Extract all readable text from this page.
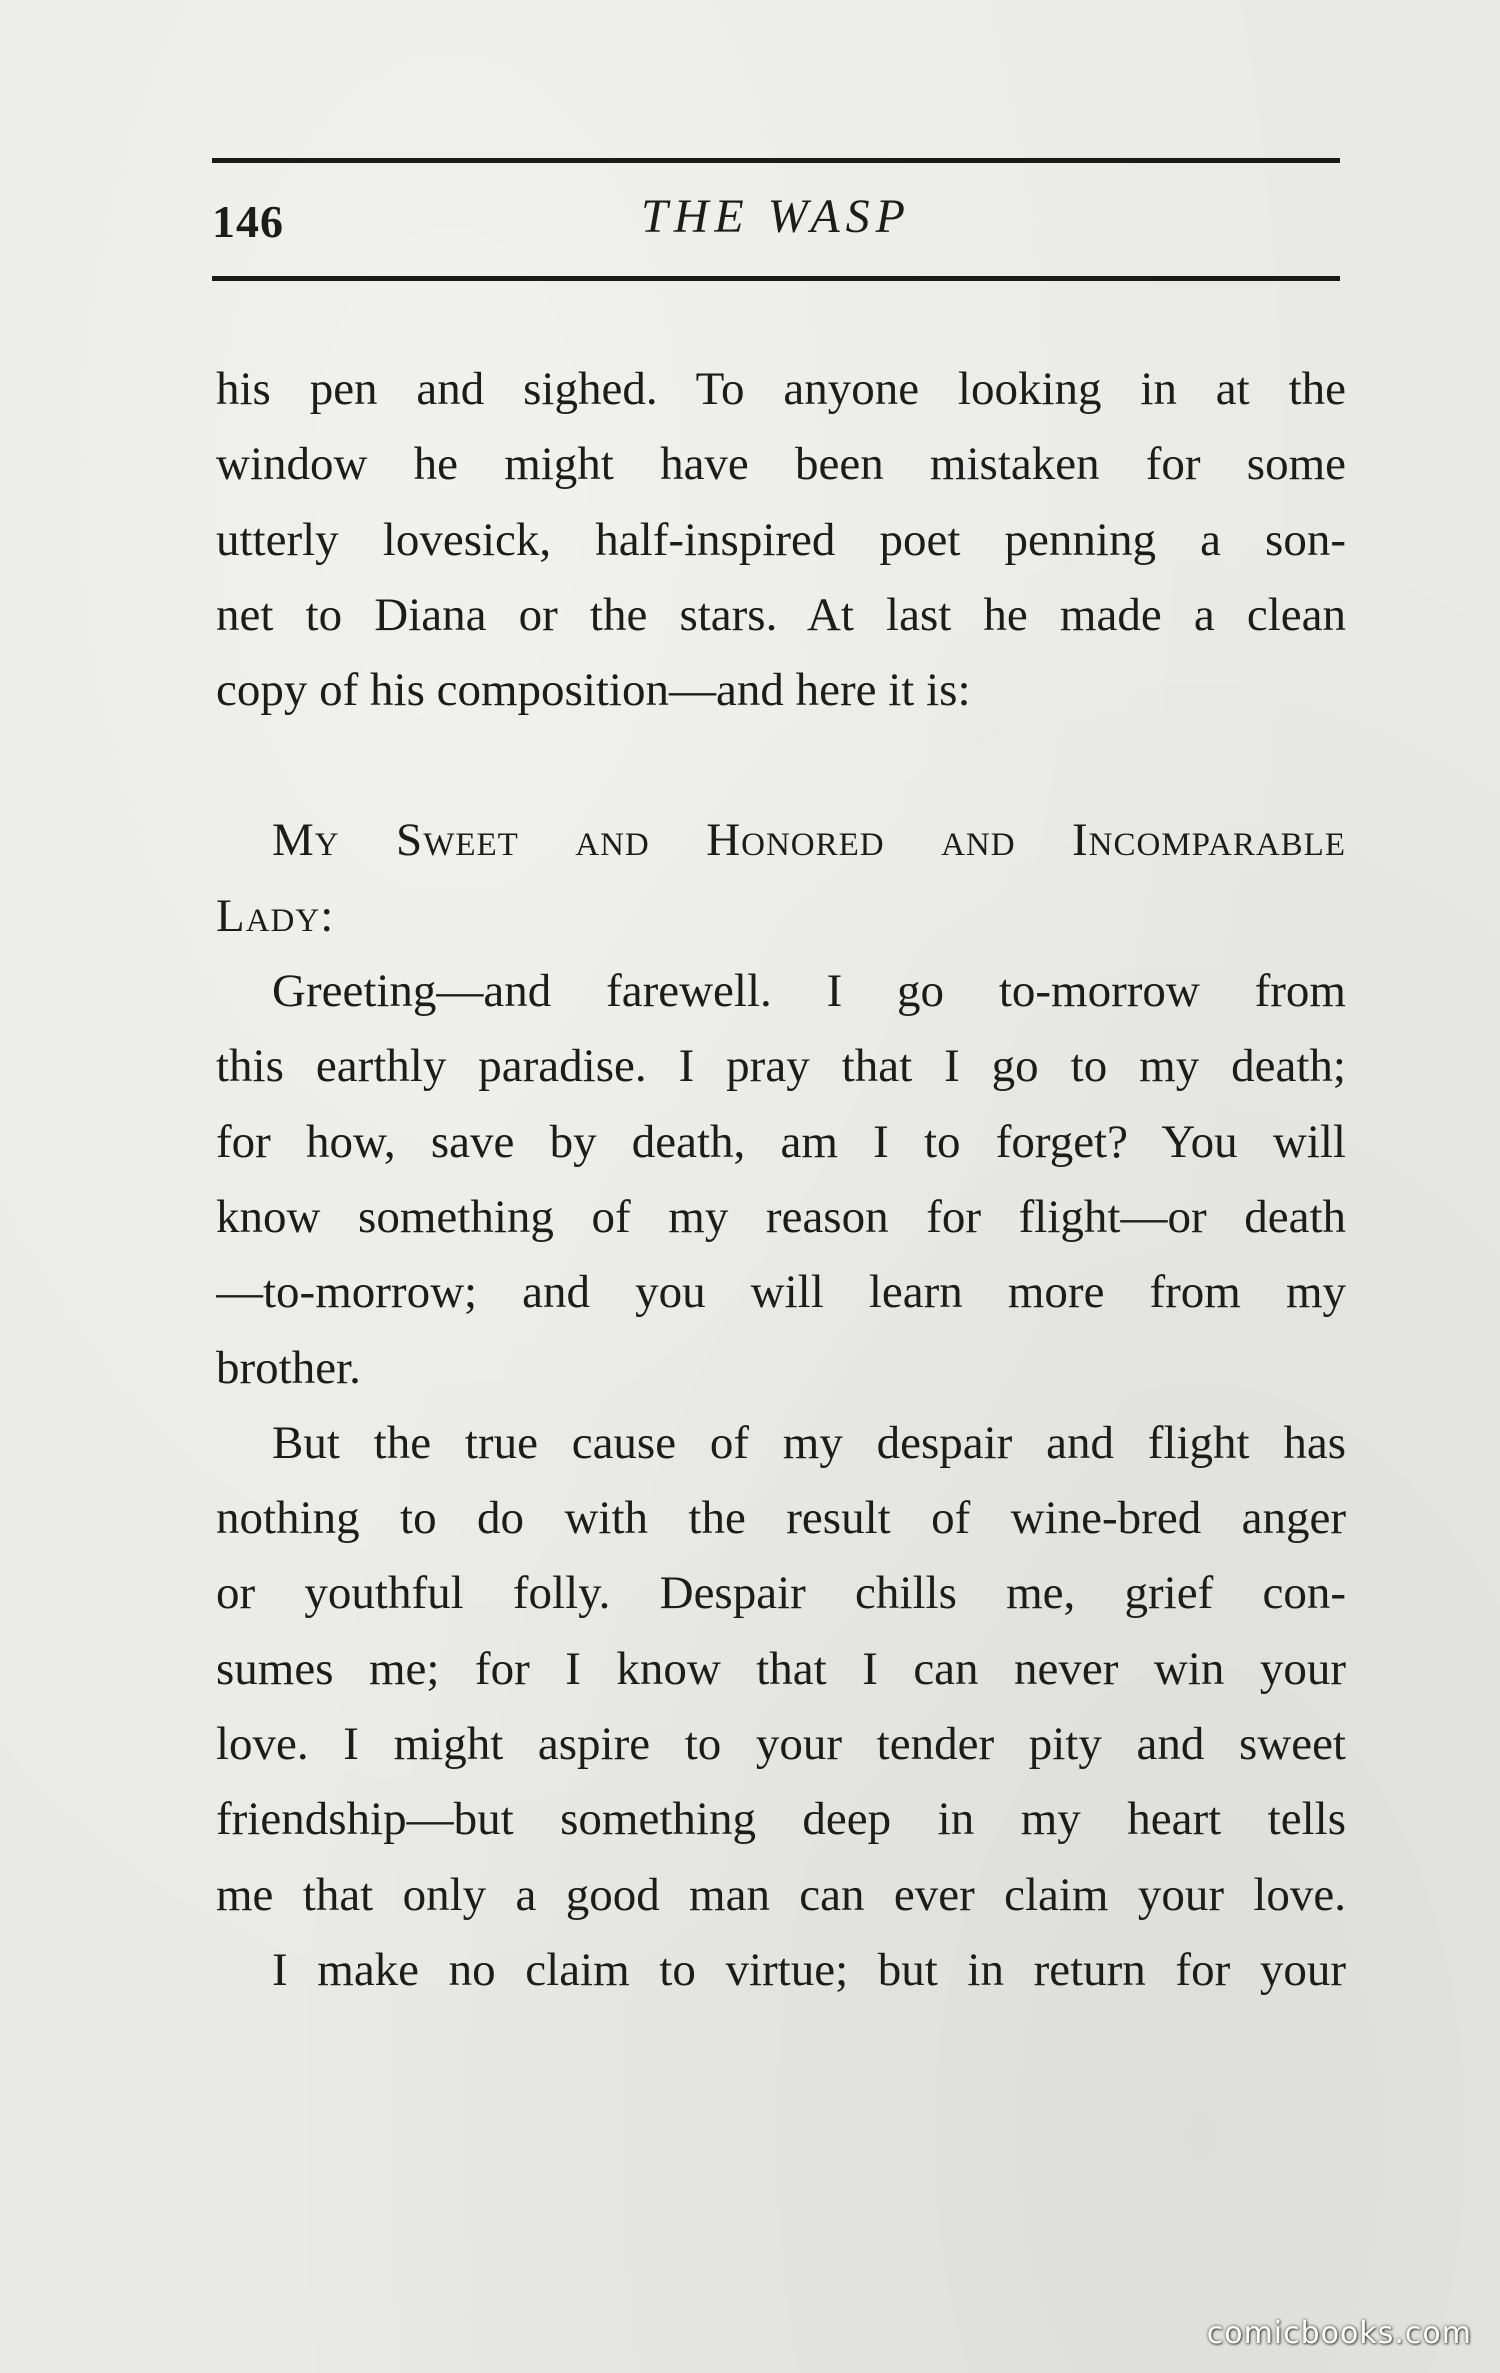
146	THE WASP
his pen and sighed. To anyone looking in at the
window he might have been mistaken for some
utterly lovesick, half-inspired poet penning a son-
net to Diana or the stars. At last he made a clean
copy of his composition—and here it is:
My Sweet and Honored and Incomparable
Lady:
Greeting—and farewell. I go to-morrow from
this earthly paradise. I pray that I go to my death;
for how, save by death, am I to forget? You will
know something of my reason for flight—or death
—to-morrow; and you will learn more from my
brother.
But the true cause of my despair and flight has
nothing to do with the result of wine-bred anger
or youthful folly. Despair chills me, grief con-
sumes me; for I know that I can never win your
love. I might aspire to your tender pity and sweet
friendship—but something deep in my heart tells
me that only a good man can ever claim your love.
I make no claim to virtue; but in return for your
comicbooks.com
